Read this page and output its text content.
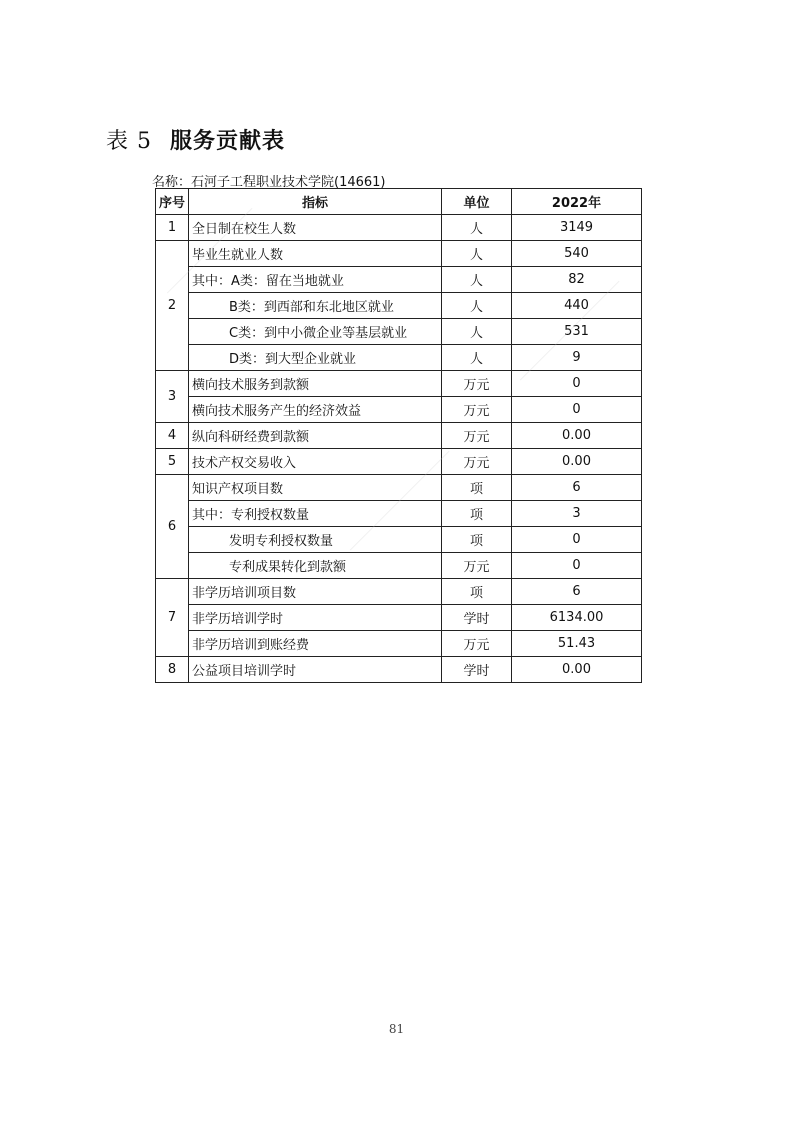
表 5 服务贡献表
名称：石河子工程职业技术学院(14661)
序号	指标	单位	2022年
1	全日制在校生人数	人	3149
2	毕业生就业人数	人	540
	其中：A类：留在当地就业	人	82
	B类：到西部和东北地区就业	人	440
	C类：到中小微企业等基层就业	人	531
	D类：到大型企业就业	人	9
3	横向技术服务到款额	万元	0
	横向技术服务产生的经济效益	万元	0
4	纵向科研经费到款额	万元	0.00
5	技术产权交易收入	万元	0.00
6	知识产权项目数	项	6
	其中：专利授权数量	项	3
	发明专利授权数量	项	0
	专利成果转化到款额	万元	0
7	非学历培训项目数	项	6
	非学历培训学时	学时	6134.00
	非学历培训到账经费	万元	51.43
8	公益项目培训学时	学时	0.00
81
